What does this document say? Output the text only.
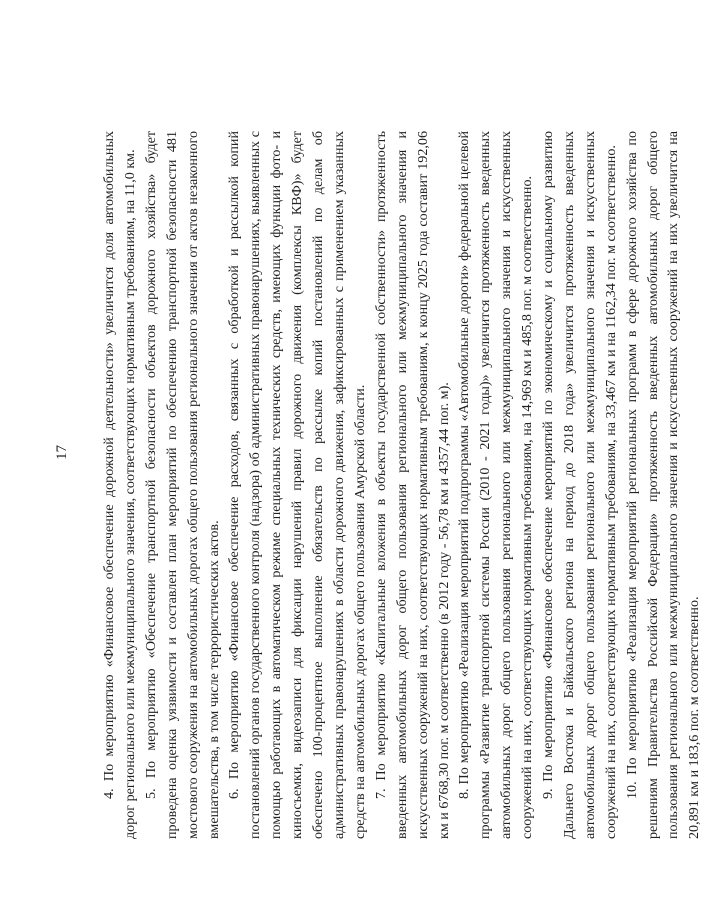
17 4. По мероприятию «Финансовое обеспечение дорожной деятельности» увеличится доля автомобильных дорог регионального или межмуниципального значения, соответствующих нормативным требованиям, на 11,0 км. 5. По мероприятию «Обеспечение транспортной безопасности объектов дорожного хозяйства» будет проведена оценка уязвимости и составлен план мероприятий по обеспечению транспортной безопасности 481 мостового сооружения на автомобильных дорогах общего пользования регионального значения от актов незаконного вмешательства, в том числе террористических актов. 6. По мероприятию «Финансовое обеспечение расходов, связанных с обработкой и рассылкой копий постановлений органов государственного контроля (надзора) об административных правонарушениях, выявленных с помощью работающих в автоматическом режиме специальных технических средств, имеющих функции фото- и киносъемки, видеозаписи для фиксации нарушений правил дорожного движения (комплексы КВФ)» будет обеспечено 100-процентное выполнение обязательств по рассылке копий постановлений по делам об административных правонарушениях в области дорожного движения, зафиксированных с применением указанных средств на автомобильных дорогах общего пользования Амурской области. 7. По мероприятию «Капитальные вложения в объекты государственной собственности» протяженность введенных автомобильных дорог общего пользования регионального или межмуниципального значения и искусственных сооружений на них, соответствующих нормативным требованиям, к концу 2025 года составит 192,06 км и 6768,30 пог. м соответственно (в 2012 году - 56,78 км и 4357,44 пог. м). 8. По мероприятию «Реализация мероприятий подпрограммы «Автомобильные дороги» федеральной целевой программы «Развитие транспортной системы России (2010 - 2021 годы)» увеличится протяженность введенных автомобильных дорог общего пользования регионального или межмуниципального значения и искусственных сооружений на них, соответствующих нормативным требованиям, на 14,969 км и 485,8 пог. м соответственно. 9. По мероприятию «Финансовое обеспечение мероприятий по экономическому и социальному развитию Дальнего Востока и Байкальского региона на период до 2018 года» увеличится протяженность введенных автомобильных дорог общего пользования регионального или межмуниципального значения и искусственных сооружений на них, соответствующих нормативным требованиям, на 33,467 км и на 1162,34 пог. м соответственно. 10. По мероприятию «Реализация мероприятий региональных программ в сфере дорожного хозяйства по решениям Правительства Российской Федерации» протяженность введенных автомобильных дорог общего пользования регионального или межмуниципального значения и искусственных сооружений на них увеличится на 20,891 км и 183,6 пог. м соответственно.
